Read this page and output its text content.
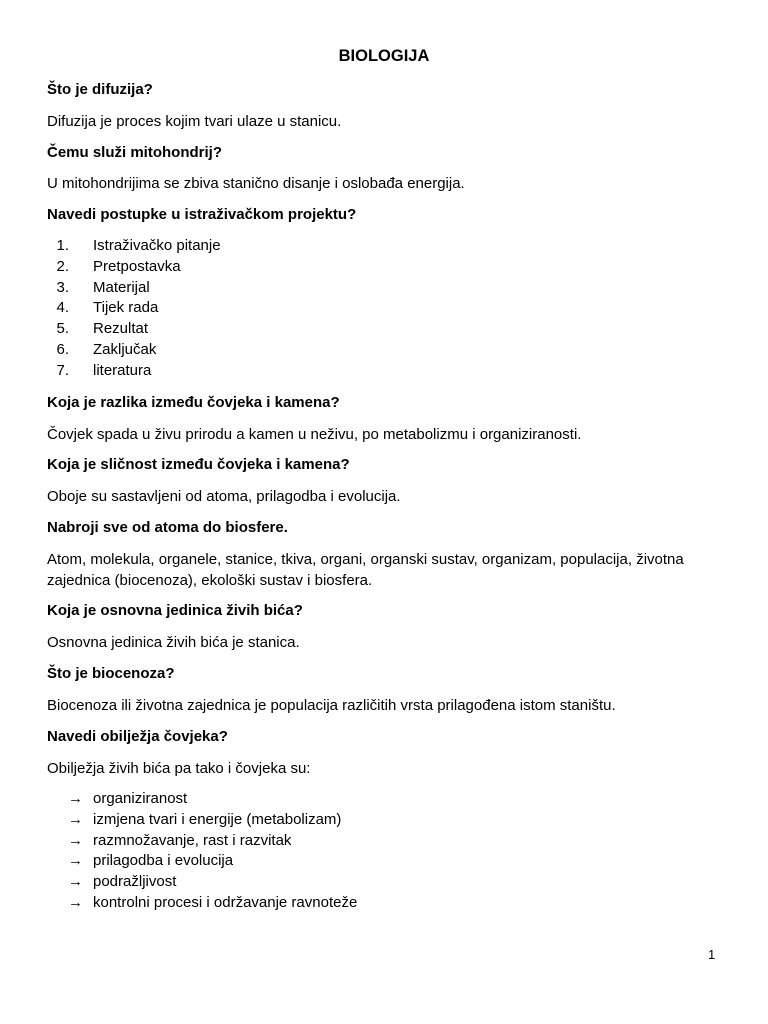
BIOLOGIJA
Što je difuzija?
Difuzija je proces kojim tvari ulaze u stanicu.
Čemu služi mitohondrij?
U mitohondrijima se zbiva stanično disanje i oslobađa energija.
Navedi postupke u istraživačkom projektu?
1. Istraživačko pitanje
2. Pretpostavka
3. Materijal
4. Tijek rada
5. Rezultat
6. Zaključak
7. literatura
Koja je razlika između čovjeka i kamena?
Čovjek spada u živu prirodu a kamen u neživu, po metabolizmu i organiziranosti.
Koja je sličnost između čovjeka i kamena?
Oboje su sastavljeni od atoma, prilagodba i evolucija.
Nabroji sve od atoma do biosfere.
Atom, molekula, organele, stanice, tkiva, organi, organski sustav, organizam, populacija, životna zajednica (biocenoza), ekološki sustav i biosfera.
Koja je osnovna jedinica živih bića?
Osnovna jedinica živih bića je stanica.
Što je biocenoza?
Biocenoza ili životna zajednica je populacija različitih vrsta prilagođena istom staništu.
Navedi obilježja čovjeka?
Obilježja živih bića pa tako i čovjeka su:
→ organiziranost
→ izmjena tvari i energije (metabolizam)
→ razmnožavanje, rast i razvitak
→ prilagodba i evolucija
→ podražljivost
→ kontrolni procesi i održavanje ravnoteže
1
